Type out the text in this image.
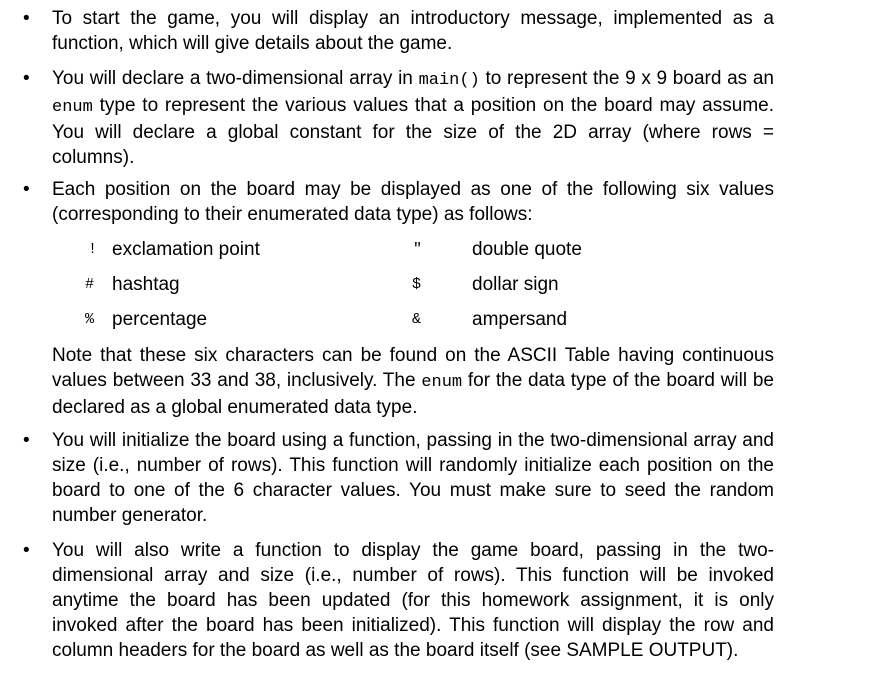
• To start the game, you will display an introductory message, implemented as a function, which will give details about the game.
• You will declare a two-dimensional array in main() to represent the 9 x 9 board as an enum type to represent the various values that a position on the board may assume. You will declare a global constant for the size of the 2D array (where rows = columns).
• Each position on the board may be displayed as one of the following six values (corresponding to their enumerated data type) as follows:
! exclamation point	"	double quote
# hashtag	$	dollar sign
% percentage	&	ampersand
Note that these six characters can be found on the ASCII Table having continuous values between 33 and 38, inclusively. The enum for the data type of the board will be declared as a global enumerated data type.
• You will initialize the board using a function, passing in the two-dimensional array and size (i.e., number of rows). This function will randomly initialize each position on the board to one of the 6 character values. You must make sure to seed the random number generator.
• You will also write a function to display the game board, passing in the two-dimensional array and size (i.e., number of rows). This function will be invoked anytime the board has been updated (for this homework assignment, it is only invoked after the board has been initialized). This function will display the row and column headers for the board as well as the board itself (see SAMPLE OUTPUT).
